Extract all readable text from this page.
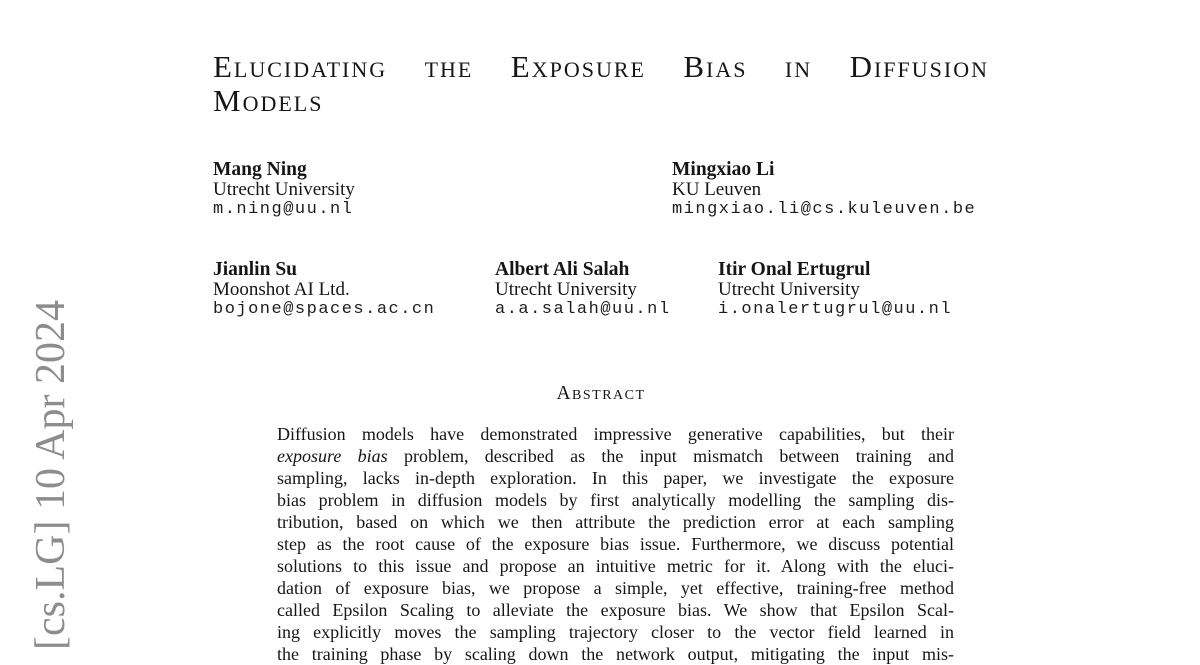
[cs.LG] 10 Apr 2024
Elucidating the Exposure Bias in Diffusion
Models
Mang Ning
Utrecht University
m.ning@uu.nl
Mingxiao Li
KU Leuven
mingxiao.li@cs.kuleuven.be
Jianlin Su
Moonshot AI Ltd.
bojone@spaces.ac.cn
Albert Ali Salah
Utrecht University
a.a.salah@uu.nl
Itir Onal Ertugrul
Utrecht University
i.onalertugrul@uu.nl
Abstract
Diffusion models have demonstrated impressive generative capabilities, but their
exposure bias problem, described as the input mismatch between training and
sampling, lacks in-depth exploration. In this paper, we investigate the exposure
bias problem in diffusion models by first analytically modelling the sampling dis-
tribution, based on which we then attribute the prediction error at each sampling
step as the root cause of the exposure bias issue. Furthermore, we discuss potential
solutions to this issue and propose an intuitive metric for it. Along with the eluci-
dation of exposure bias, we propose a simple, yet effective, training-free method
called Epsilon Scaling to alleviate the exposure bias. We show that Epsilon Scal-
ing explicitly moves the sampling trajectory closer to the vector field learned in
the training phase by scaling down the network output, mitigating the input mis-
